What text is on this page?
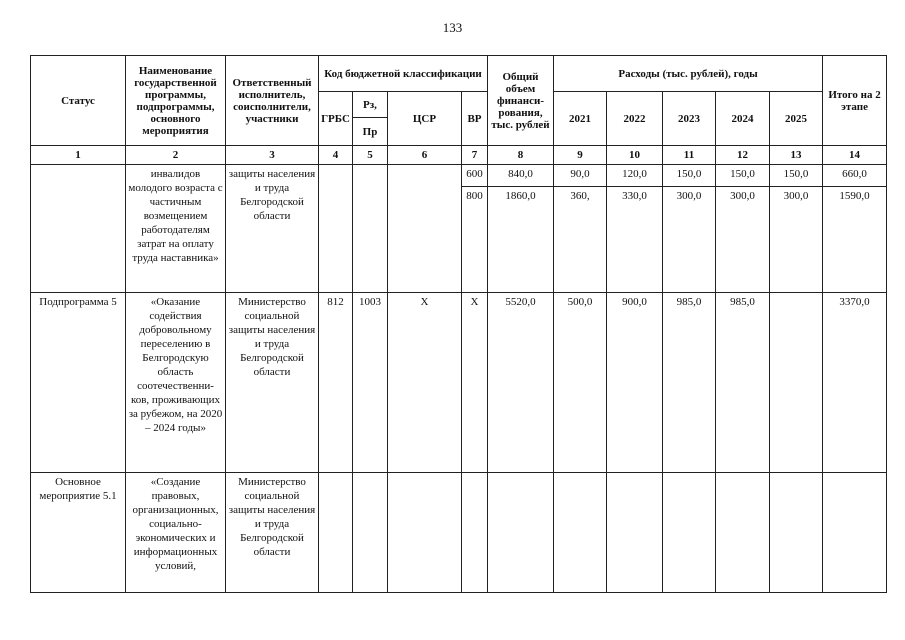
133
Статус	Наименование государственной программы, подпрограммы, основного мероприятия	Ответственный исполнитель, соисполнители, участники	Код бюджетной классификации				Общий объем финанси-рования, тыс. рублей	Расходы (тыс. рублей), годы					Итого на 2 этапе
			ГРБС	Рз,	ЦСР	ВР		2021	2022	2023	2024	2025	
				Пр									
1	2	3	4	5	6	7	8	9	10	11	12	13	14
	инвалидов молодого возраста с частичным возмещением работодателям затрат на оплату труда наставника»	защиты населения и труда Белгородской области				600	840,0	90,0	120,0	150,0	150,0	150,0	660,0
						800	1860,0	360,	330,0	300,0	300,0	300,0	1590,0
Подпрограмма 5	«Оказание содействия добровольному переселению в Белгородскую область соотечественни-ков, проживающих за рубежом, на 2020 – 2024 годы»	Министерство социальной защиты населения и труда Белгородской области	812	1003	X	X	5520,0	500,0	900,0	985,0	985,0		3370,0
Основное мероприятие 5.1	«Создание правовых, организационных, социально-экономических и информационных условий,	Министерство социальной защиты населения и труда Белгородской области											
